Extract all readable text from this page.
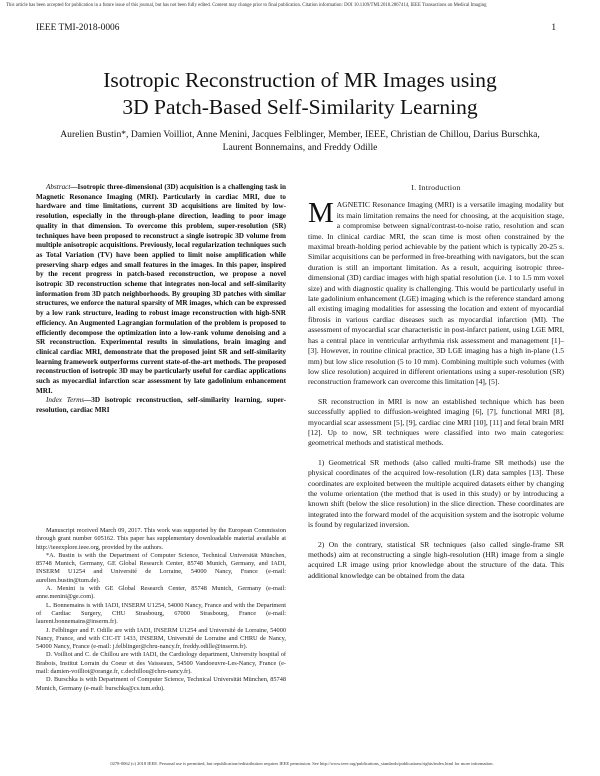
This article has been accepted for publication in a future issue of this journal, but has not been fully edited. Content may change prior to final publication. Citation information: DOI 10.1109/TMI.2018.2867414, IEEE Transactions on Medical Imaging
IEEE TMI-2018-0006	1
Isotropic Reconstruction of MR Images using
3D Patch-Based Self-Similarity Learning
Aurelien Bustin*, Damien Voilliot, Anne Menini, Jacques Felblinger, Member, IEEE, Christian de Chillou, Darius Burschka, Laurent Bonnemains, and Freddy Odille
Abstract—Isotropic three-dimensional (3D) acquisition is a challenging task in Magnetic Resonance Imaging (MRI). Particularly in cardiac MRI, due to hardware and time limitations, current 3D acquisitions are limited by low-resolution, especially in the through-plane direction, leading to poor image quality in that dimension. To overcome this problem, super-resolution (SR) techniques have been proposed to reconstruct a single isotropic 3D volume from multiple anisotropic acquisitions. Previously, local regularization techniques such as Total Variation (TV) have been applied to limit noise amplification while preserving sharp edges and small features in the images. In this paper, inspired by the recent progress in patch-based reconstruction, we propose a novel isotropic 3D reconstruction scheme that integrates non-local and self-similarity information from 3D patch neighborhoods. By grouping 3D patches with similar structures, we enforce the natural sparsity of MR images, which can be expressed by a low rank structure, leading to robust image reconstruction with high-SNR efficiency. An Augmented Lagrangian formulation of the problem is proposed to efficiently decompose the optimization into a low-rank volume denoising and a SR reconstruction. Experimental results in simulations, brain imaging and clinical cardiac MRI, demonstrate that the proposed joint SR and self-similarity learning framework outperforms current state-of-the-art methods. The proposed reconstruction of isotropic 3D may be particularly useful for cardiac applications such as myocardial infarction scar assessment by late gadolinium enhancement MRI.
Index Terms—3D isotropic reconstruction, self-similarity learning, super-resolution, cardiac MRI

Manuscript received March 09, 2017. This work was supported by the European Commission through grant number 605162. This paper has supplementary downloadable material available at http://ieeexplore.ieee.org, provided by the authors.

*A. Bustin is with the Department of Computer Science, Technical Universität München, 85748 Munich, Germany, GE Global Research Center, 85748 Munich, Germany, and IADI, INSERM U1254 and Université de Lorraine, 54000 Nancy, France (e-mail: aurelien.bustin@tum.de).

A. Menini is with GE Global Research Center, 85748 Munich, Germany (e-mail: anne.menini@ge.com).

L. Bonnemains is with IADI, INSERM U1254, 54000 Nancy, France and with the Department of Cardiac Surgery, CHU Strasbourg, 67000 Strasbourg, France (e-mail: laurent.bonnemains@inserm.fr).

J. Felblinger and F. Odille are with IADI, INSERM U1254 and Université de Lorraine, 54000 Nancy, France, and with CIC-IT 1433, INSERM, Université de Lorraine and CHRU de Nancy, 54000 Nancy, France (e-mail: j.felblinger@chru-nancy.fr, freddy.odille@inserm.fr).

D. Voilliot and C. de Chillou are with IADI, the Cardiology department, University hospital of Brabois, Institut Lorrain du Coeur et des Vaisseaux, 54500 Vandoeuvre-Les-Nancy, France (e-mail: damien-voilliot@orange.fr, c.dechillou@chru-nancy.fr).

D. Burschka is with Department of Computer Science, Technical Universität München, 85748 Munich, Germany (e-mail: burschka@cs.tum.edu).

I. Introduction

MAGNETIC Resonance Imaging (MRI) is a versatile imaging modality but its main limitation remains the need for choosing, at the acquisition stage, a compromise between signal/contrast-to-noise ratio, resolution and scan time. In clinical cardiac MRI, the scan time is most often constrained by the maximal breath-holding period achievable by the patient which is typically 20-25 s. Similar acquisitions can be performed in free-breathing with navigators, but the scan duration is still an important limitation. As a result, acquiring isotropic three-dimensional (3D) cardiac images with high spatial resolution (i.e. 1 to 1.5 mm voxel size) and with diagnostic quality is challenging. This would be particularly useful in late gadolinium enhancement (LGE) imaging which is the reference standard among all existing imaging modalities for assessing the location and extent of myocardial fibrosis in various cardiac diseases such as myocardial infarction (MI). The assessment of myocardial scar characteristic in post-infarct patient, using LGE MRI, has a central place in ventricular arrhythmia risk assessment and management [1]–[3]. However, in routine clinical practice, 3D LGE imaging has a high in-plane (1.5 mm) but low slice resolution (5 to 10 mm). Combining multiple such volumes (with low slice resolution) acquired in different orientations using a super-resolution (SR) reconstruction framework can overcome this limitation [4], [5].

SR reconstruction in MRI is now an established technique which has been successfully applied to diffusion-weighted imaging [6], [7], functional MRI [8], myocardial scar assessment [5], [9], cardiac cine MRI [10], [11] and fetal brain MRI [12]. Up to now, SR techniques were classified into two main categories: geometrical methods and statistical methods.

1) Geometrical SR methods (also called multi-frame SR methods) use the physical coordinates of the acquired low-resolution (LR) data samples [13]. These coordinates are exploited between the multiple acquired datasets either by changing the volume orientation (the method that is used in this study) or by introducing a known shift (below the slice resolution) in the slice direction. These coordinates are integrated into the forward model of the acquisition system and the isotropic volume is found by regularized inversion.

2) On the contrary, statistical SR techniques (also called single-frame SR methods) aim at reconstructing a single high-resolution (HR) image from a single acquired LR image using prior knowledge about the structure of the data. This additional knowledge can be obtained from the data

0278-0062 (c) 2018 IEEE. Personal use is permitted, but republication/redistribution requires IEEE permission. See http://www.ieee.org/publications_standards/publications/rights/index.html for more information.
